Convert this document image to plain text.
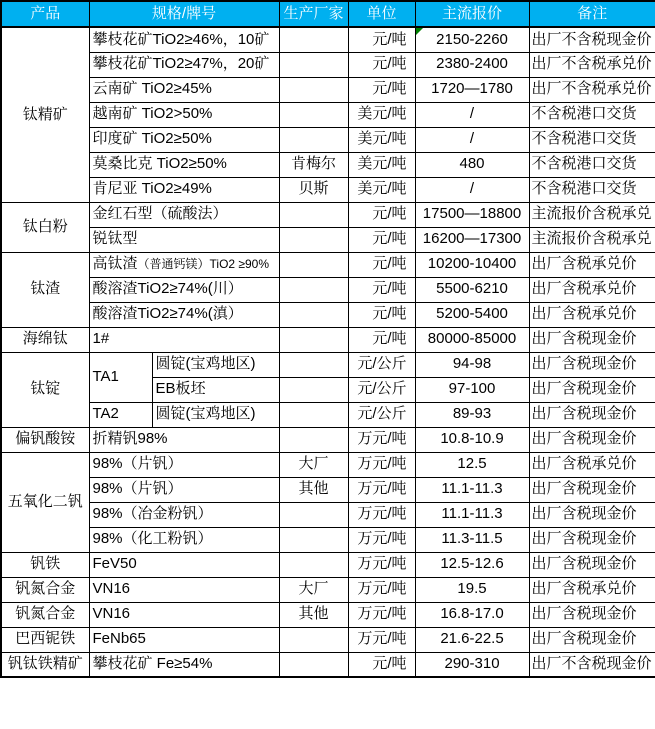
产品	规格/牌号		生产厂家	单位	主流报价	备注
钛精矿	攀枝花矿TiO2≥46%，10矿			元/吨	2150-2260	出厂不含税现金价
	攀枝花矿TiO2≥47%，20矿			元/吨	2380-2400	出厂不含税承兑价
	云南矿 TiO2≥45%			元/吨	1720—1780	出厂不含税承兑价
	越南矿 TiO2>50%			美元/吨	/	不含税港口交货
	印度矿 TiO2≥50%			美元/吨	/	不含税港口交货
	莫桑比克 TiO2≥50%		肯梅尔	美元/吨	480	不含税港口交货
	肯尼亚 TiO2≥49%		贝斯	美元/吨	/	不含税港口交货
钛白粉	金红石型（硫酸法）			元/吨	17500—18800	主流报价含税承兑
	锐钛型			元/吨	16200—17300	主流报价含税承兑
钛渣	高钛渣（普通钙镁）TiO2 ≥90%			元/吨	10200-10400	出厂含税承兑价
	酸溶渣TiO2≥74%(川）			元/吨	5500-6210	出厂含税承兑价
	酸溶渣TiO2≥74%(滇）			元/吨	5200-5400	出厂含税承兑价
海绵钛	1#			元/吨	80000-85000	出厂含税现金价
钛锭	TA1	圆锭(宝鸡地区)		元/公斤	94-98	出厂含税现金价
		EB板坯		元/公斤	97-100	出厂含税现金价
	TA2	圆锭(宝鸡地区)		元/公斤	89-93	出厂含税现金价
偏钒酸铵	折精钒98%			万元/吨	10.8-10.9	出厂含税现金价
五氧化二钒	98%（片钒）		大厂	万元/吨	12.5	出厂含税承兑价
	98%（片钒）		其他	万元/吨	11.1-11.3	出厂含税现金价
	98%（冶金粉钒）			万元/吨	11.1-11.3	出厂含税现金价
	98%（化工粉钒）			万元/吨	11.3-11.5	出厂含税现金价
钒铁	FeV50			万元/吨	12.5-12.6	出厂含税现金价
钒氮合金	VN16		大厂	万元/吨	19.5	出厂含税承兑价
钒氮合金	VN16		其他	万元/吨	16.8-17.0	出厂含税现金价
巴西铌铁	FeNb65			万元/吨	21.6-22.5	出厂含税现金价
钒钛铁精矿	攀枝花矿 Fe≥54%			元/吨	290-310	出厂不含税现金价
